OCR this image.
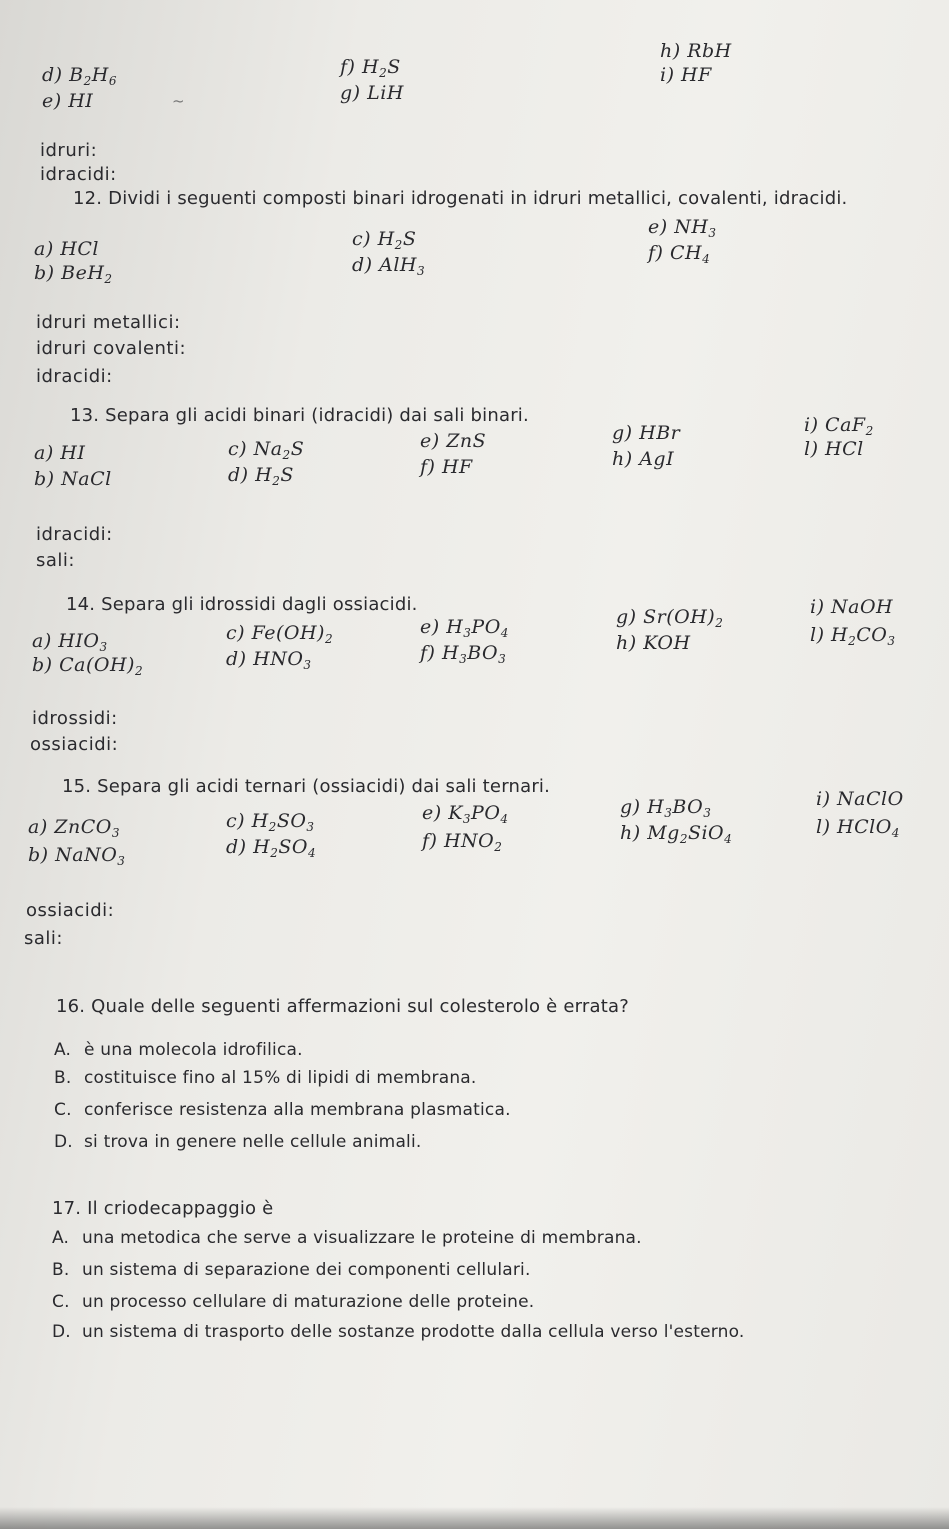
d) $B_2H_6$
e) HI
f) $H_2S$
g) LiH
h) RbH
i) HF
~
idruri:
idracidi:
12. Dividi i seguenti composti binari idrogenati in idruri metallici, covalenti, idracidi.
a) HCl
b) BeH$_2$
c) $H_2S$
d) AlH$_3$
e) $NH_3$
f) $CH_4$
idruri metallici:
idruri covalenti:
idracidi:
13. Separa gli acidi binari (idracidi) dai sali binari.
a) HI
b) NaCl
c) $Na_2S$
d) $H_2S$
e) ZnS
f) HF
g) HBr
h) AgI
i) CaF$_2$
l) HCl
idracidi:
sali:
14. Separa gli idrossidi dagli ossiacidi.
a) $HIO_3$
b) $Ca(OH)_2$
c) $Fe(OH)_2$
d) $HNO_3$
e) $H_3PO_4$
f) $H_3BO_3$
g) $Sr(OH)_2$
h) KOH
i) NaOH
l) $H_2CO_3$
idrossidi:
ossiacidi:
15. Separa gli acidi ternari (ossiacidi) dai sali ternari.
a) ZnCO$_3$
b) NaNO$_3$
c) $H_2SO_3$
d) $H_2SO_4$
e) $K_3PO_4$
f) $HNO_2$
g) $H_3BO_3$
h) $Mg_2SiO_4$
i) NaClO
l) HClO$_4$
ossiacidi:
sali:
16. Quale delle seguenti affermazioni sul colesterolo è errata?
A. è una molecola idrofilica.
B. costituisce fino al 15% di lipidi di membrana.
C. conferisce resistenza alla membrana plasmatica.
D. si trova in genere nelle cellule animali.
17. Il criodecappaggio è
A. una metodica che serve a visualizzare le proteine di membrana.
B. un sistema di separazione dei componenti cellulari.
C. un processo cellulare di maturazione delle proteine.
D. un sistema di trasporto delle sostanze prodotte dalla cellula verso l'esterno.
